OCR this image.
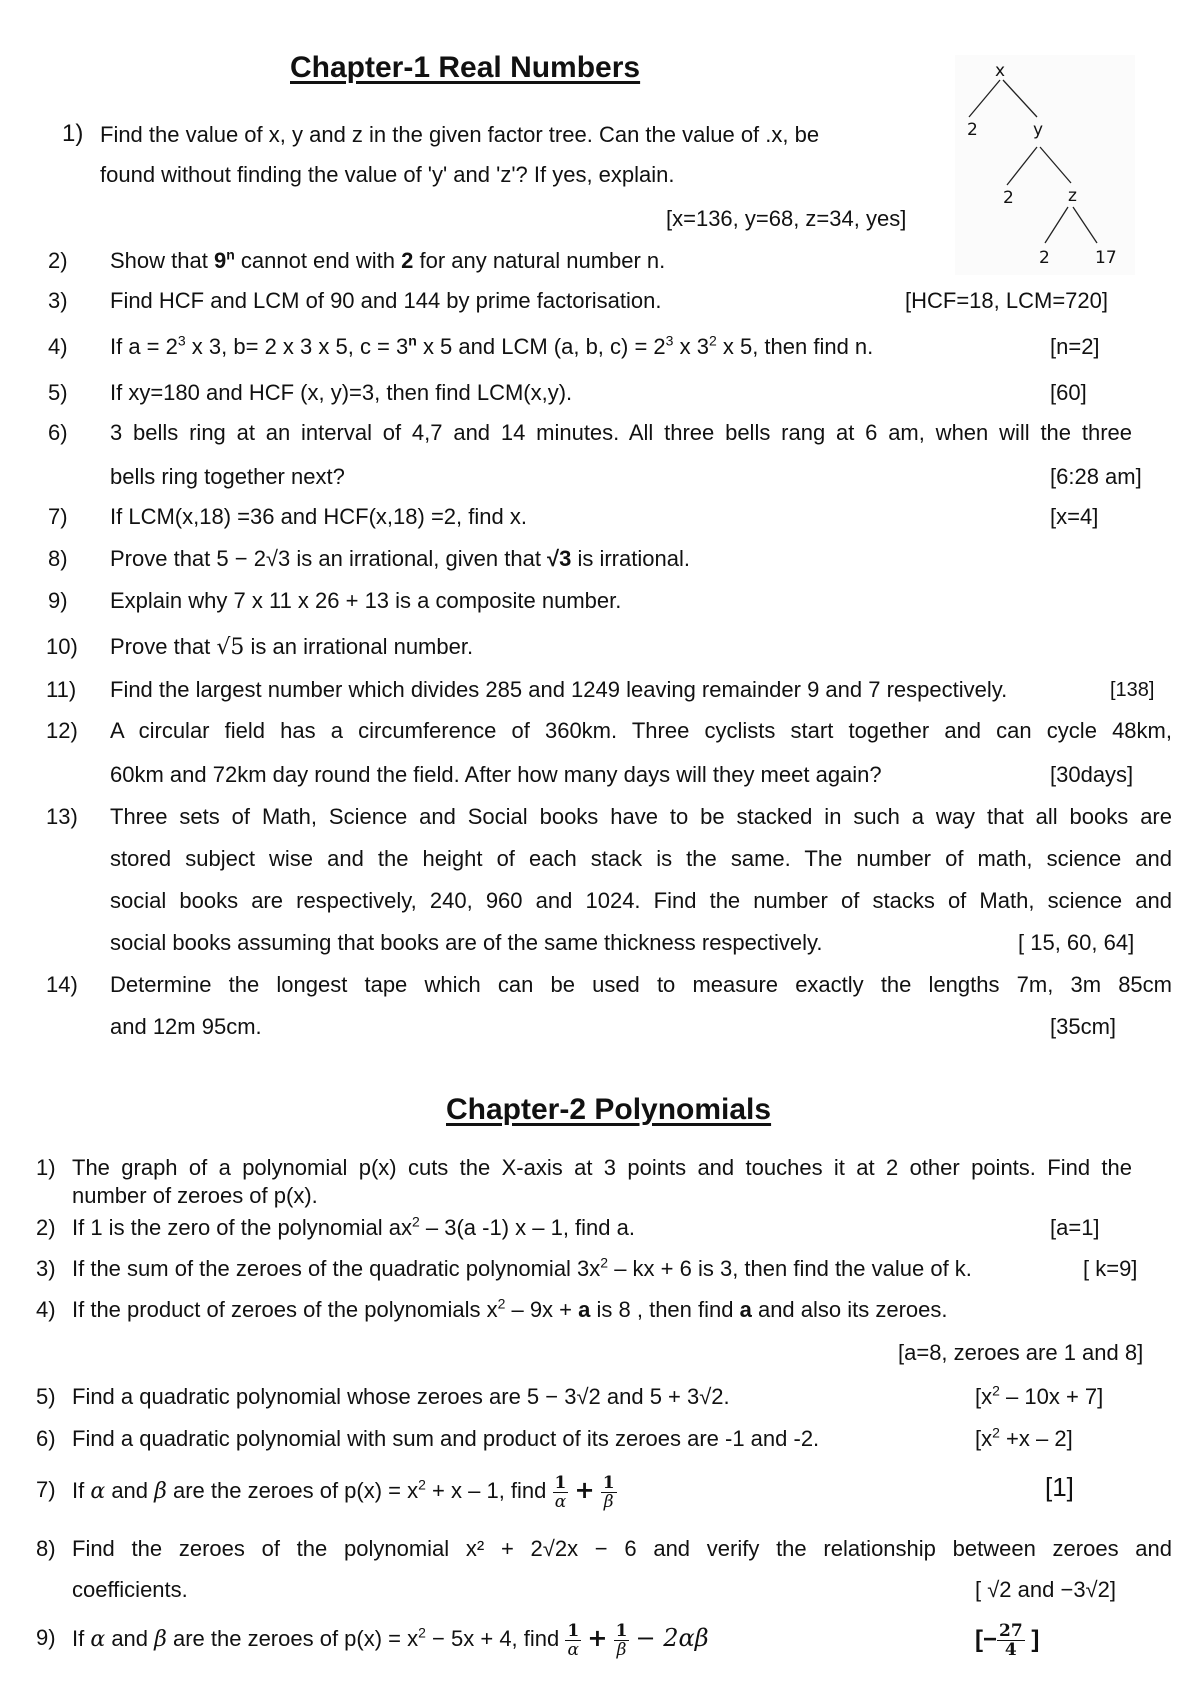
Chapter-1 Real Numbers	x
2	y
2	z
2	17
1) Find the value of x, y and z in the given factor tree. Can the value of .x, be
found without finding the value of 'y' and 'z'? If yes, explain.
[x=136, y=68, z=34, yes]
2) Show that 9$^n$ cannot end with 2 for any natural number n.
3) Find HCF and LCM of 90 and 144 by prime factorisation.	[HCF=18, LCM=720]
4) If $a = 2^3$ x 3, b= 2 x 3 x 5, $c = 3^n$ x 5 and LCM (a, b, $c) = 2^3$ x $3^2$ x 5, then find n.	[n=2]
5) If xy=180 and HCF (x, y)=3, then find LCM(x,y).	[60]
6) 3 bells ring at an interval of 4,7 and 14 minutes. All three bells rang at 6 am, when will the three
bells ring together next?	[6:28 am]
7) If LCM(x,18) =36 and HCF(x,18) =2, find x.	[x=4]
8) Prove that 5 − 2√3 is an irrational, given that √3 is irrational.
9) Explain why 7 x 11 x 26 + 13 is a composite number.
10) Prove that √5 is an irrational number.
11) Find the largest number which divides 285 and 1249 leaving remainder 9 and 7 respectively.	[138]
12) A circular field has a circumference of 360km. Three cyclists start together and can cycle 48km,
60km and 72km day round the field. After how many days will they meet again?	[30days]
13) Three sets of Math, Science and Social books have to be stacked in such a way that all books are
stored subject wise and the height of each stack is the same. The number of math, science and
social books are respectively, 240, 960 and 1024. Find the number of stacks of Math, science and
social books assuming that books are of the same thickness respectively.	[ 15, 60, 64]
14) Determine the longest tape which can be used to measure exactly the lengths 7m, 3m 85cm
and 12m 95cm.	[35cm]
Chapter-2 Polynomials
1) The graph of a polynomial p(x) cuts the X-axis at 3 points and touches it at 2 other points. Find the
number of zeroes of p(x).
2) If 1 is the zero of the polynomial $ax^2 - 3(a$ -1) x – 1, find a.	[a=1]
3) If the sum of the zeroes of the quadratic polynomial $3x^2$ – kx + 6 is 3, then find the value of k.	[ k=9]
4) If the product of zeroes of the polynomials $x^2 - 9x + a$ is 8 , then find a and also its zeroes.
[a=8, zeroes are 1 and 8]
5) Find a quadratic polynomial whose zeroes are 5 − 3√2 and 5 + 3√2.	$[x^2 - 10x + 7]$
6) Find a quadratic polynomial with sum and product of its zeroes are -1 and -2.	$[x^2 +x - 2]$
7) If α and β are the zeroes of $p(x) = x^2 + x - 1$, find $\frac{1}{\alpha} + \frac{1}{\beta}$	[1]
8) Find the zeroes of the polynomial x² + 2√2x − 6 and verify the relationship between zeroes and
coefficients.	[ √2 and −3√2]
9) If α and β are the zeroes of $p(x) = x^2 - 5x + 4$, find $\frac{1}{\alpha} + \frac{1}{\beta} - 2\alpha\beta$	[− $\frac{27}{4}$ ]
